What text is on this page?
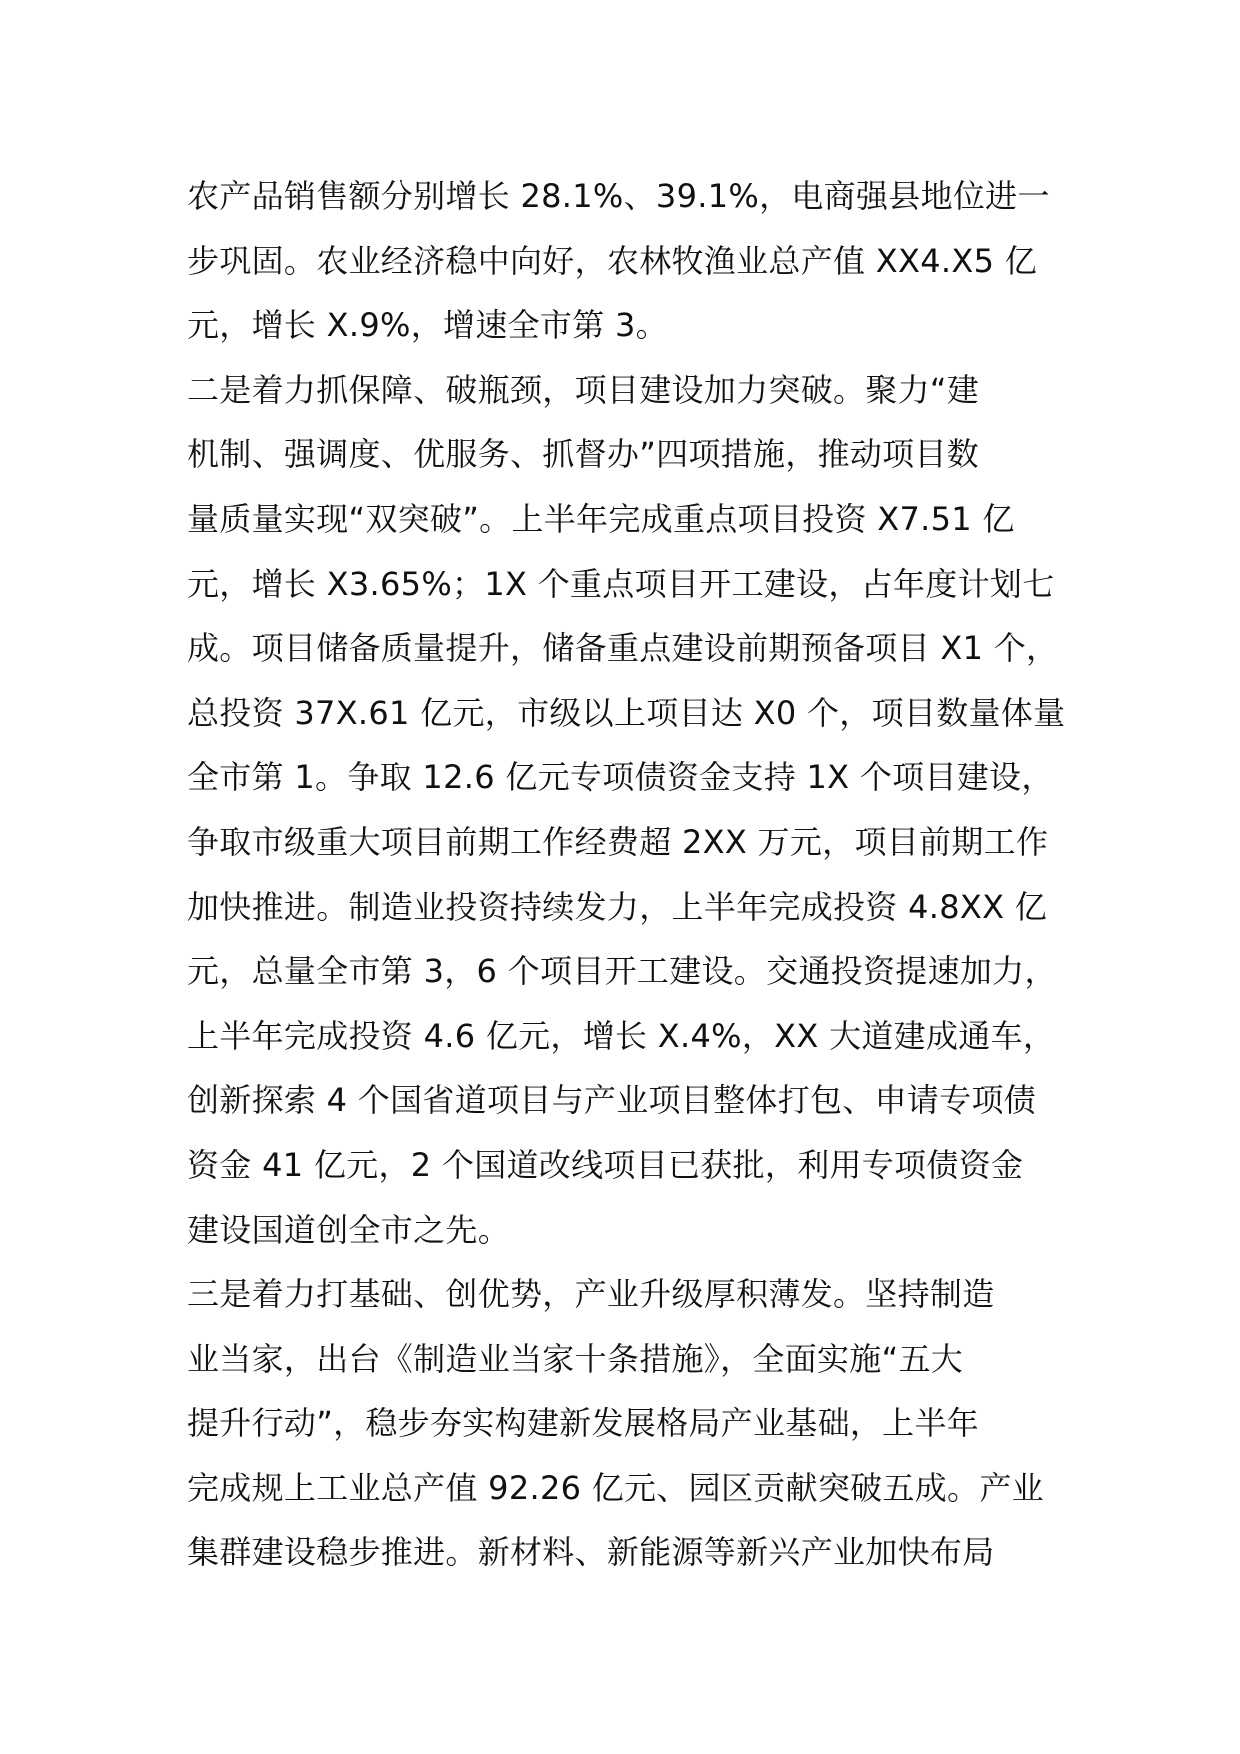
农产品销售额分别增长 28.1%、39.1%，电商强县地位进一
步巩固。农业经济稳中向好，农林牧渔业总产值 XX4.X5 亿
元，增长 X.9%，增速全市第 3。
二是着力抓保障、破瓶颈，项目建设加力突破。聚力“建
机制、强调度、优服务、抓督办”四项措施，推动项目数
量质量实现“双突破”。上半年完成重点项目投资 X7.51 亿
元，增长 X3.65%；1X 个重点项目开工建设，占年度计划七
成。项目储备质量提升，储备重点建设前期预备项目 X1 个，
总投资 37X.61 亿元，市级以上项目达 X0 个，项目数量体量
全市第 1。争取 12.6 亿元专项债资金支持 1X 个项目建设，
争取市级重大项目前期工作经费超 2XX 万元，项目前期工作
加快推进。制造业投资持续发力，上半年完成投资 4.8XX 亿
元，总量全市第 3，6 个项目开工建设。交通投资提速加力，
上半年完成投资 4.6 亿元，增长 X.4%，XX 大道建成通车，
创新探索 4 个国省道项目与产业项目整体打包、申请专项债
资金 41 亿元，2 个国道改线项目已获批，利用专项债资金
建设国道创全市之先。
三是着力打基础、创优势，产业升级厚积薄发。坚持制造
业当家，出台《制造业当家十条措施》，全面实施“五大
提升行动”，稳步夯实构建新发展格局产业基础，上半年
完成规上工业总产值 92.26 亿元、园区贡献突破五成。产业
集群建设稳步推进。新材料、新能源等新兴产业加快布局
